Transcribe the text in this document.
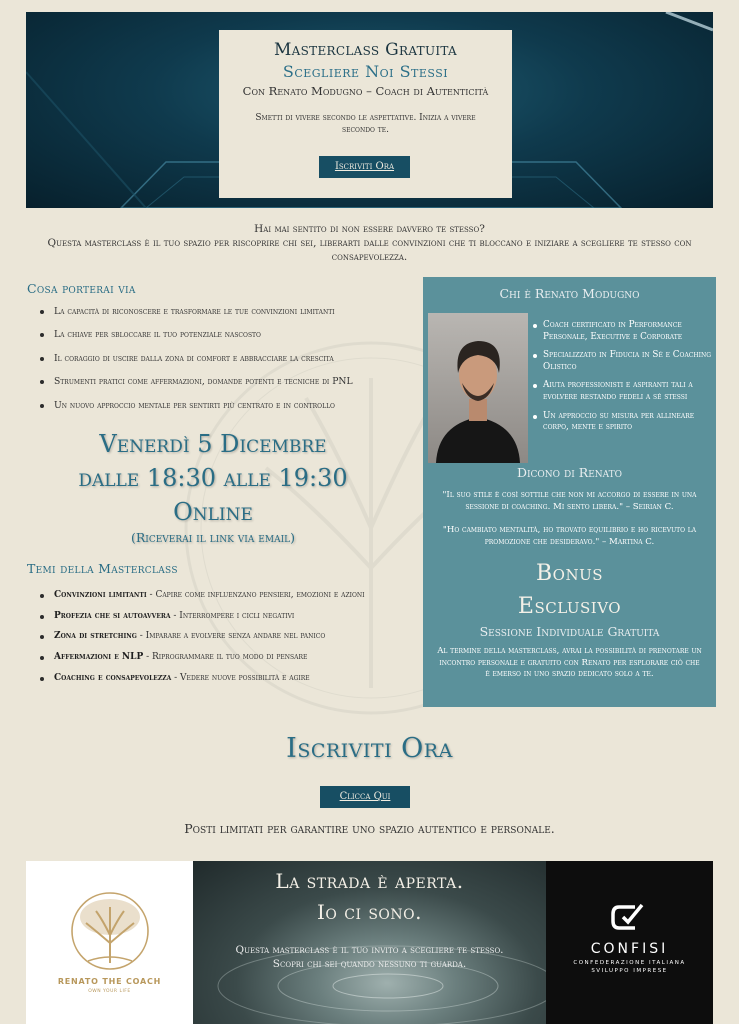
Masterclass Gratuita
Scegliere Noi Stessi
Con Renato Modugno – Coach di Autenticità
Smetti di vivere secondo le aspettative. Inizia a vivere secondo te.
Iscriviti Ora
Hai mai sentito di non essere davvero te stesso?
Questa masterclass è il tuo spazio per riscoprire chi sei, liberarti dalle convinzioni che ti bloccano e iniziare a scegliere te stesso con consapevolezza.
Cosa porterai via
La capacità di riconoscere e trasformare le tue convinzioni limitanti
La chiave per sbloccare il tuo potenziale nascosto
Il coraggio di uscire dalla zona di comfort e abbracciare la crescita
Strumenti pratici come affermazioni, domande potenti e tecniche di PNL
Un nuovo approccio mentale per sentirti più centrato e in controllo
Venerdì 5 Dicembre
dalle 18:30 alle 19:30
Online
(Riceverai il link via email)
Temi della Masterclass
Convinzioni limitanti - Capire come influenzano pensieri, emozioni e azioni
Profezia che si autoavvera - Interrompere i cicli negativi
Zona di stretching - Imparare a evolvere senza andare nel panico
Affermazioni e NLP - Riprogrammare il tuo modo di pensare
Coaching e consapevolezza - Vedere nuove possibilità e agire
Chi è Renato Modugno
Coach certificato in Performance Personale, Executive e Corporate
Specializzato in Fiducia in Sé e Coaching Olistico
Aiuta professionisti e aspiranti tali a evolvere restando fedeli a sé stessi
Un approccio su misura per allineare corpo, mente e spirito
Dicono di Renato
"Il suo stile è così sottile che non mi accorgo di essere in una sessione di coaching. Mi sento libera." – Seirian C.
"Ho cambiato mentalità, ho trovato equilibrio e ho ricevuto la promozione che desideravo." – Martina C.
Bonus
Esclusivo
Sessione Individuale Gratuita
Al termine della masterclass, avrai la possibilità di prenotare un incontro personale e gratuito con Renato per esplorare ciò che è emerso in uno spazio dedicato solo a te.
Iscriviti Ora
Clicca Qui
Posti limitati per garantire uno spazio autentico e personale.
RENATO THE COACH
OWN YOUR LIFE
La strada è aperta.
Io ci sono.
Questa masterclass è il tuo invito a scegliere te stesso.
Scopri chi sei quando nessuno ti guarda.
CONFISI
CONFEDERAZIONE ITALIANA
SVILUPPO IMPRESE
